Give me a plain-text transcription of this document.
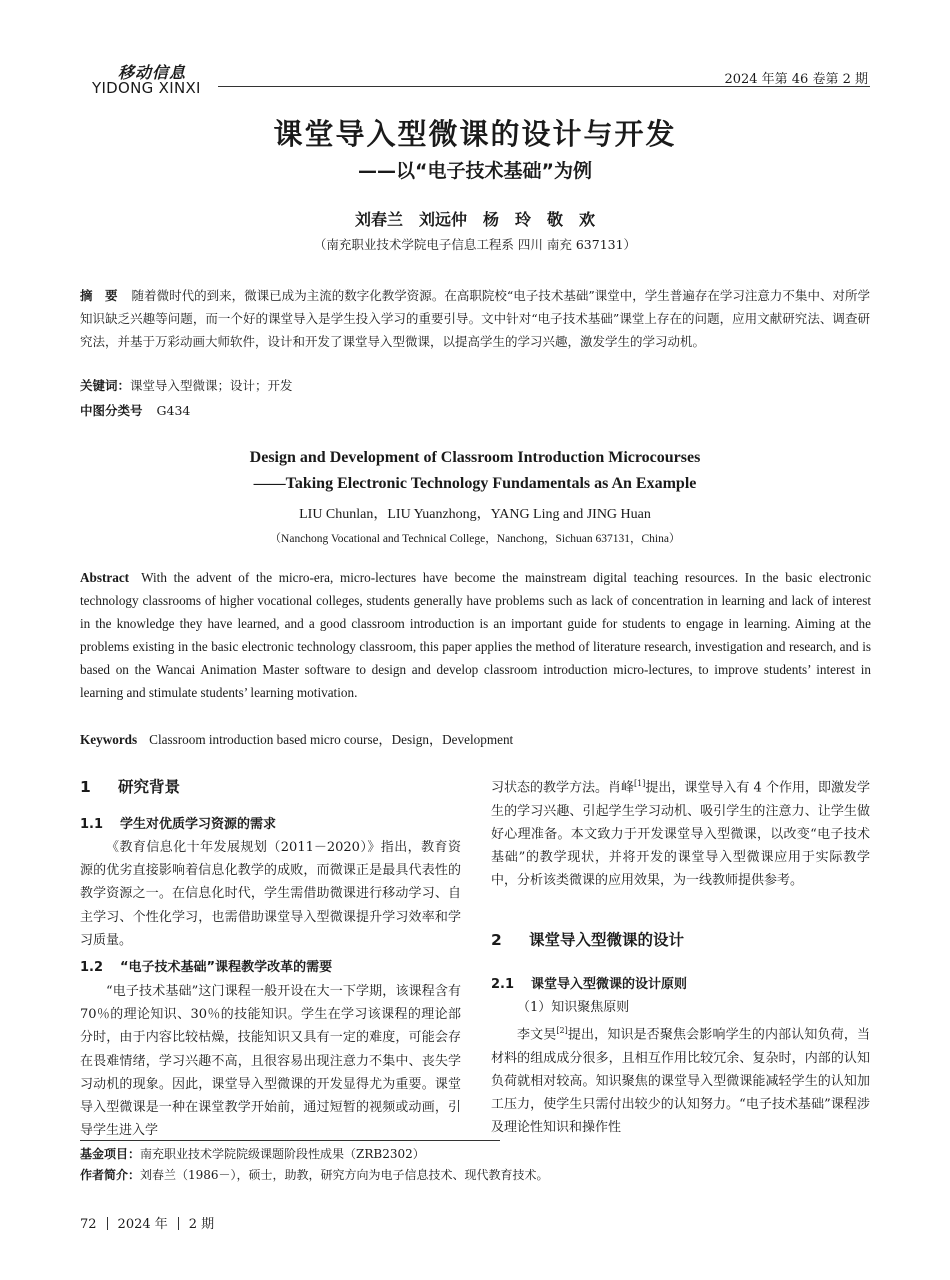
移动信息
YIDONG XINXI	2024 年第 46 卷第 2 期
课堂导入型微课的设计与开发
——以“电子技术基础”为例
刘春兰　刘远仲　杨　玲　敬　欢
（南充职业技术学院电子信息工程系 四川 南充 637131）
摘　要 随着微时代的到来，微课已成为主流的数字化教学资源。在高职院校“电子技术基础”课堂中，学生普遍存在学习注意力不集中、对所学知识缺乏兴趣等问题，而一个好的课堂导入是学生投入学习的重要引导。文中针对“电子技术基础”课堂上存在的问题，应用文献研究法、调查研究法，并基于万彩动画大师软件，设计和开发了课堂导入型微课，以提高学生的学习兴趣，激发学生的学习动机。
关键词：课堂导入型微课；设计；开发
中图分类号 G434
Design and Development of Classroom Introduction Microcourses
——Taking Electronic Technology Fundamentals as An Example
LIU Chunlan，LIU Yuanzhong，YANG Ling and JING Huan
（Nanchong Vocational and Technical College，Nanchong，Sichuan 637131，China）
Abstract With the advent of the micro-era, micro-lectures have become the mainstream digital teaching resources. In the basic electronic technology classrooms of higher vocational colleges, students generally have problems such as lack of concentration in learning and lack of interest in the knowledge they have learned, and a good classroom introduction is an important guide for students to engage in learning. Aiming at the problems existing in the basic electronic technology classroom, this paper applies the method of literature research, investigation and research, and is based on the Wancai Animation Master software to design and develop classroom introduction micro-lectures, to improve students’ interest in learning and stimulate students’ learning motivation.
Keywords Classroom introduction based micro course，Design，Development
1 研究背景
1.1 学生对优质学习资源的需求
《教育信息化十年发展规划（2011－2020）》指出，教育资源的优劣直接影响着信息化教学的成败，而微课正是最具代表性的教学资源之一。在信息化时代，学生需借助微课进行移动学习、自主学习、个性化学习，也需借助课堂导入型微课提升学习效率和学习质量。
1.2 “电子技术基础”课程教学改革的需要
“电子技术基础”这门课程一般开设在大一下学期，该课程含有 70％的理论知识、30％的技能知识。学生在学习该课程的理论部分时，由于内容比较枯燥，技能知识又具有一定的难度，可能会存在畏难情绪，学习兴趣不高，且很容易出现注意力不集中、丧失学习动机的现象。因此，课堂导入型微课的开发显得尤为重要。课堂导入型微课是一种在课堂教学开始前，通过短暂的视频或动画，引导学生进入学
习状态的教学方法。肖峰[1]提出，课堂导入有 4 个作用，即激发学生的学习兴趣、引起学生学习动机、吸引学生的注意力、让学生做好心理准备。本文致力于开发课堂导入型微课，以改变“电子技术基础”的教学现状，并将开发的课堂导入型微课应用于实际教学中，分析该类微课的应用效果，为一线教师提供参考。
2 课堂导入型微课的设计
2.1 课堂导入型微课的设计原则
（1）知识聚焦原则
李文昊[2]提出，知识是否聚焦会影响学生的内部认知负荷，当材料的组成成分很多，且相互作用比较冗余、复杂时，内部的认知负荷就相对较高。知识聚焦的课堂导入型微课能减轻学生的认知加工压力，使学生只需付出较少的认知努力。“电子技术基础”课程涉及理论性知识和操作性
基金项目：南充职业技术学院院级课题阶段性成果（ZRB2302）
作者简介：刘春兰（1986－），硕士，助教，研究方向为电子信息技术、现代教育技术。
72 2024 年 2 期
